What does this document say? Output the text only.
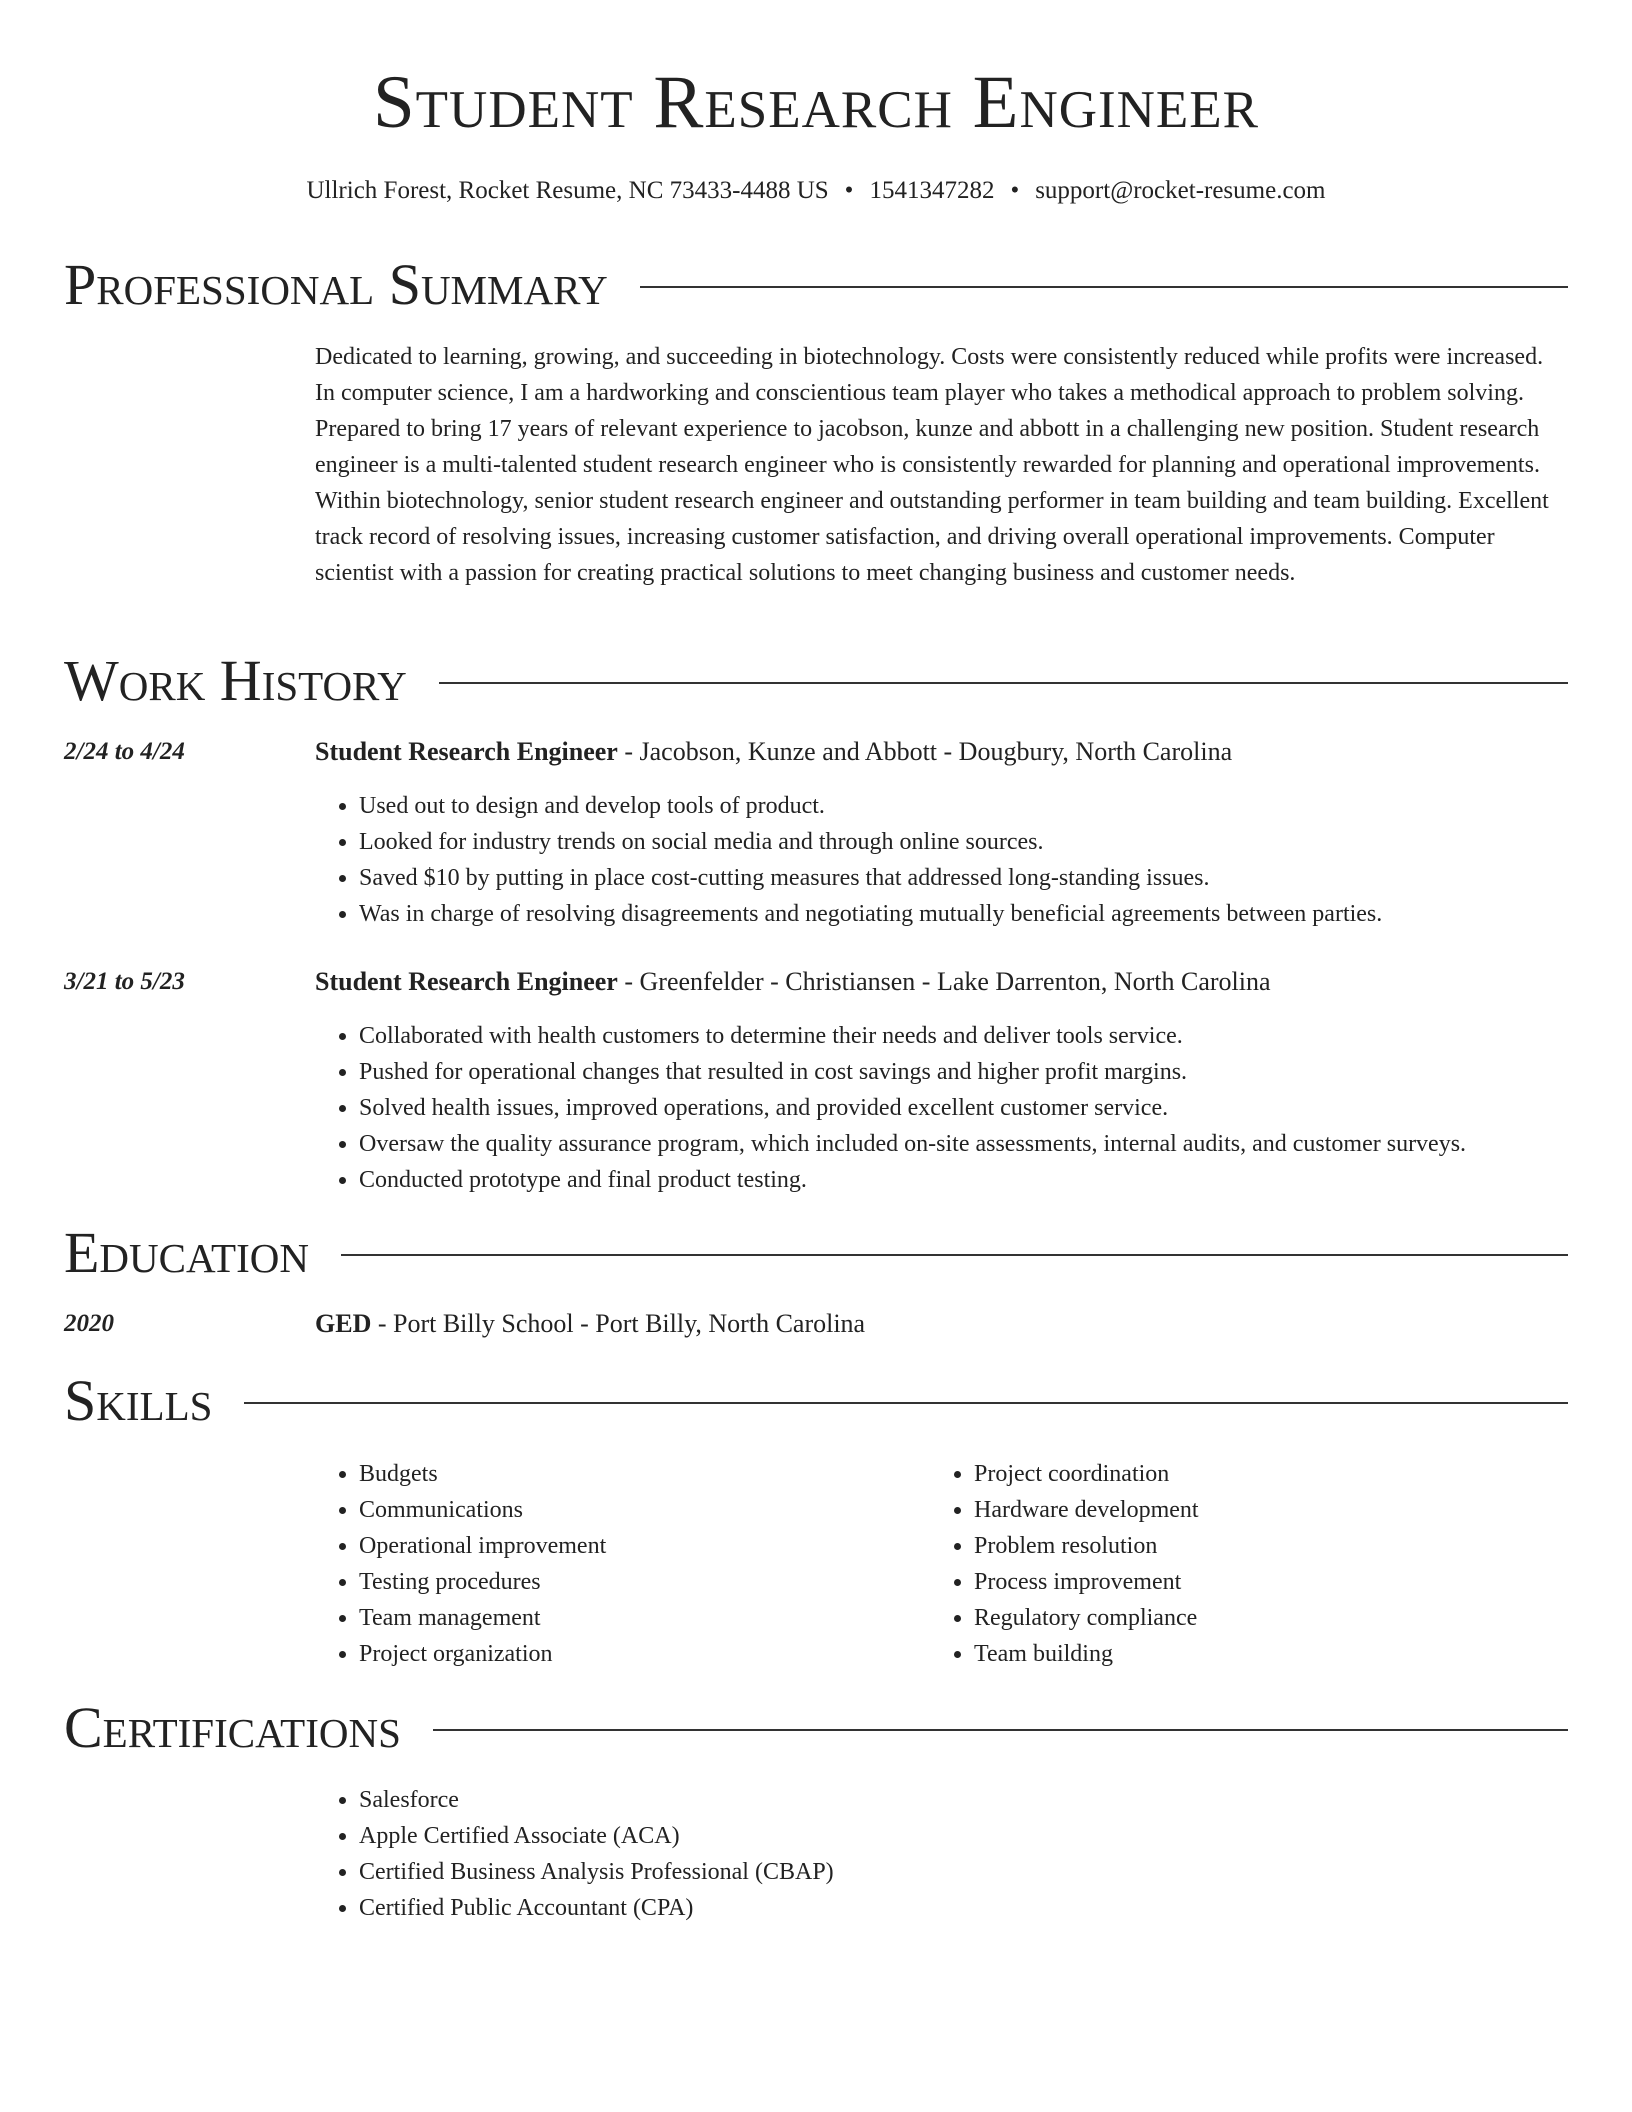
Student Research Engineer
Ullrich Forest, Rocket Resume, NC 73433-4488 US • 1541347282 • support@rocket-resume.com
Professional Summary

Dedicated to learning, growing, and succeeding in biotechnology. Costs were consistently reduced while profits were increased. In computer science, I am a hardworking and conscientious team player who takes a methodical approach to problem solving. Prepared to bring 17 years of relevant experience to jacobson, kunze and abbott in a challenging new position. Student research engineer is a multi-talented student research engineer who is consistently rewarded for planning and operational improvements. Within biotechnology, senior student research engineer and outstanding performer in team building and team building. Excellent track record of resolving issues, increasing customer satisfaction, and driving overall operational improvements. Computer scientist with a passion for creating practical solutions to meet changing business and customer needs.

Work History
2/24 to 4/24	Student Research Engineer - Jacobson, Kunze and Abbott - Dougbury, North Carolina
• Used out to design and develop tools of product.
• Looked for industry trends on social media and through online sources.
• Saved $10 by putting in place cost-cutting measures that addressed long-standing issues.
• Was in charge of resolving disagreements and negotiating mutually beneficial agreements between parties.
3/21 to 5/23	Student Research Engineer - Greenfelder - Christiansen - Lake Darrenton, North Carolina
• Collaborated with health customers to determine their needs and deliver tools service.
• Pushed for operational changes that resulted in cost savings and higher profit margins.
• Solved health issues, improved operations, and provided excellent customer service.
• Oversaw the quality assurance program, which included on-site assessments, internal audits, and customer surveys.
• Conducted prototype and final product testing.
Education
2020	GED - Port Billy School - Port Billy, North Carolina
Skills
• Budgets
• Communications
• Operational improvement
• Testing procedures
• Team management
• Project organization
• Project coordination
• Hardware development
• Problem resolution
• Process improvement
• Regulatory compliance
• Team building
Certifications
• Salesforce
• Apple Certified Associate (ACA)
• Certified Business Analysis Professional (CBAP)
• Certified Public Accountant (CPA)
